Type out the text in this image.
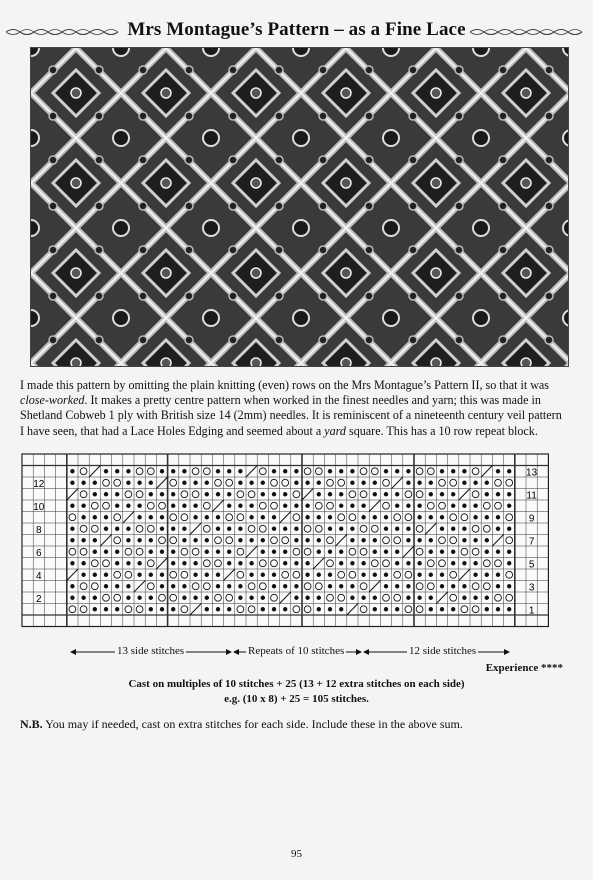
Mrs Montague’s Pattern – as a Fine Lace
I made this pattern by omitting the plain knitting (even) rows on the Mrs Montague’s Pattern II, so that it was close-worked. It makes a pretty centre pattern when worked in the finest needles and yarn; this was made in Shetland Cobweb 1 ply with British size 14 (2mm) needles. It is reminiscent of a nineteenth century veil pattern I have seen, that had a Lace Holes Edging and seemed about a yard square. This has a 10 row repeat block.
12
10
8
6
4
2
13
11
9
7
5
3
1
13 side stitches	Repeats of 10 stitches	12 side stitches
Experience ****
Cast on multiples of 10 stitches + 25 (13 + 12 extra stitches on each side)
e.g. (10 x 8) + 25 = 105 stitches.
N.B. You may if needed, cast on extra stitches for each side. Include these in the above sum.
95
